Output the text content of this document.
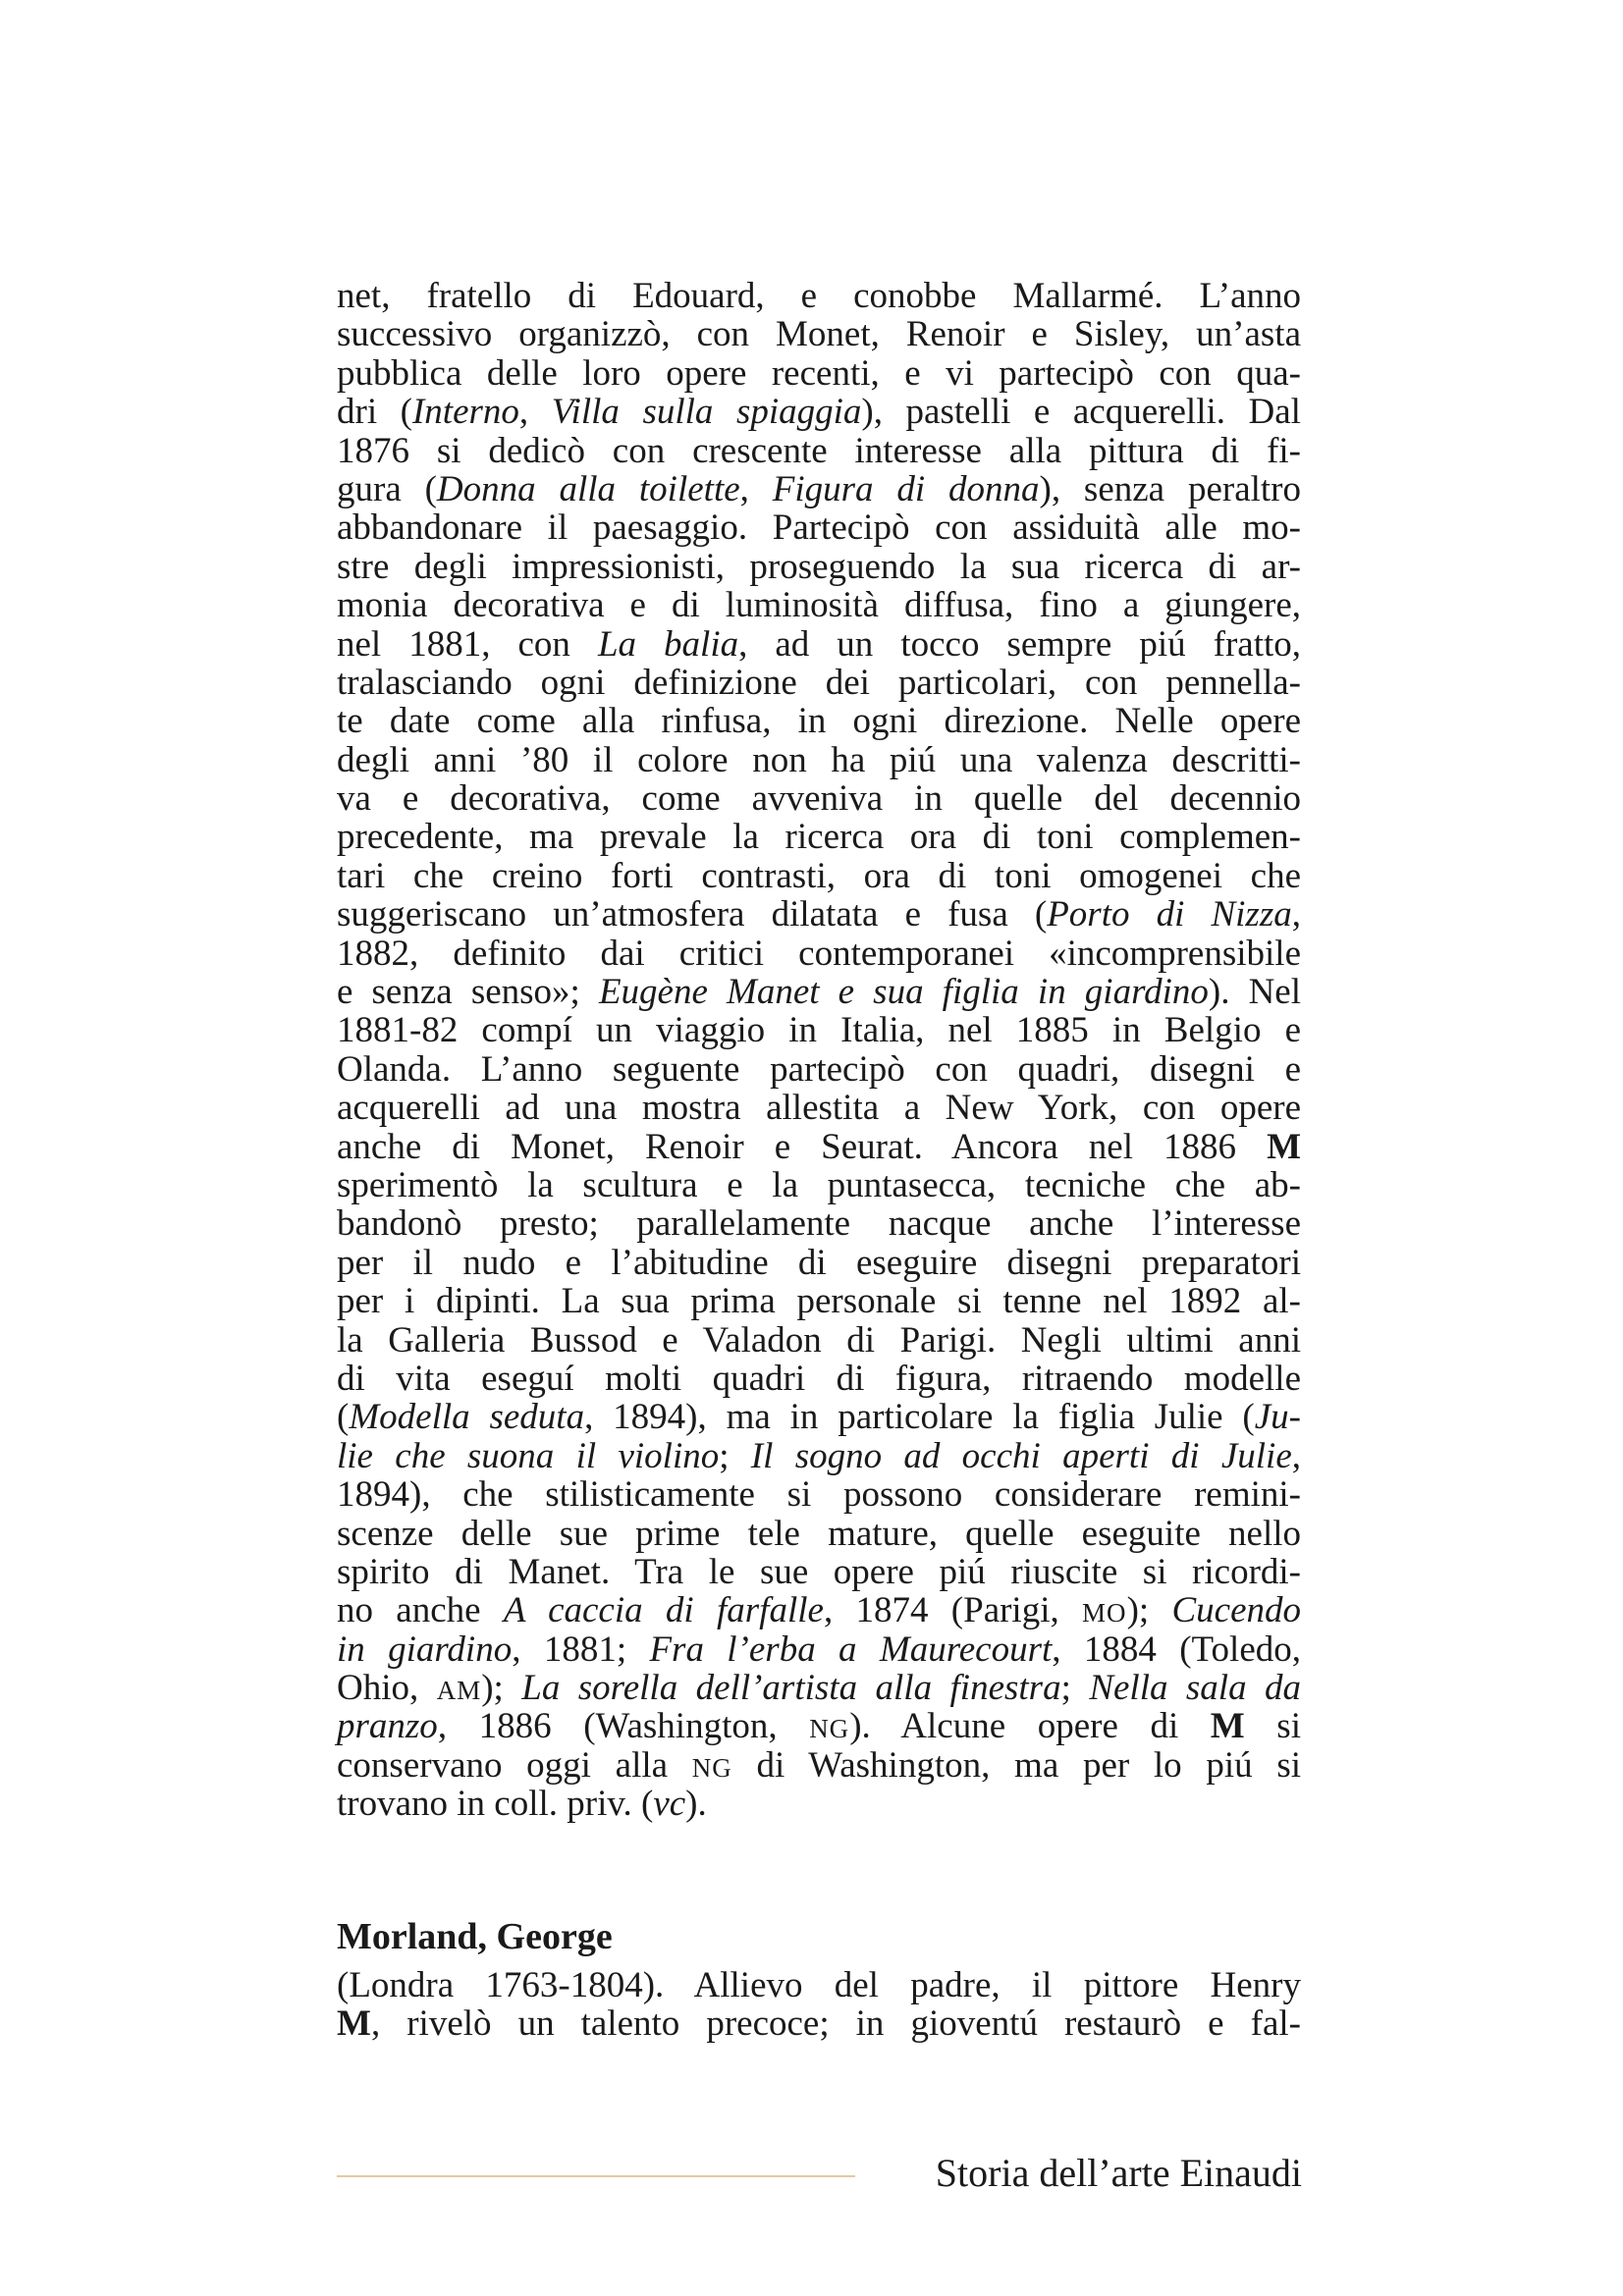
net, fratello di Edouard, e conobbe Mallarmé. L’anno
successivo organizzò, con Monet, Renoir e Sisley, un’asta
pubblica delle loro opere recenti, e vi partecipò con qua-
dri (Interno, Villa sulla spiaggia), pastelli e acquerelli. Dal
1876 si dedicò con crescente interesse alla pittura di fi-
gura (Donna alla toilette, Figura di donna), senza peraltro
abbandonare il paesaggio. Partecipò con assiduità alle mo-
stre degli impressionisti, proseguendo la sua ricerca di ar-
monia decorativa e di luminosità diffusa, fino a giungere,
nel 1881, con La balia, ad un tocco sempre piú fratto,
tralasciando ogni definizione dei particolari, con pennella-
te date come alla rinfusa, in ogni direzione. Nelle opere
degli anni ’80 il colore non ha piú una valenza descritti-
va e decorativa, come avveniva in quelle del decennio
precedente, ma prevale la ricerca ora di toni complemen-
tari che creino forti contrasti, ora di toni omogenei che
suggeriscano un’atmosfera dilatata e fusa (Porto di Nizza,
1882, definito dai critici contemporanei «incomprensibile
e senza senso»; Eugène Manet e sua figlia in giardino). Nel
1881-82 compí un viaggio in Italia, nel 1885 in Belgio e
Olanda. L’anno seguente partecipò con quadri, disegni e
acquerelli ad una mostra allestita a New York, con opere
anche di Monet, Renoir e Seurat. Ancora nel 1886 M
sperimentò la scultura e la puntasecca, tecniche che ab-
bandonò presto; parallelamente nacque anche l’interesse
per il nudo e l’abitudine di eseguire disegni preparatori
per i dipinti. La sua prima personale si tenne nel 1892 al-
la Galleria Bussod e Valadon di Parigi. Negli ultimi anni
di vita eseguí molti quadri di figura, ritraendo modelle
(Modella seduta, 1894), ma in particolare la figlia Julie (Ju-
lie che suona il violino; Il sogno ad occhi aperti di Julie,
1894), che stilisticamente si possono considerare remini-
scenze delle sue prime tele mature, quelle eseguite nello
spirito di Manet. Tra le sue opere piú riuscite si ricordi-
no anche A caccia di farfalle, 1874 (Parigi, MO); Cucendo
in giardino, 1881; Fra l’erba a Maurecourt, 1884 (Toledo,
Ohio, AM); La sorella dell’artista alla finestra; Nella sala da
pranzo, 1886 (Washington, NG). Alcune opere di M si
conservano oggi alla NG di Washington, ma per lo piú si
trovano in coll. priv. (vc).
Morland, George
(Londra 1763-1804). Allievo del padre, il pittore Henry
M, rivelò un talento precoce; in gioventú restaurò e fal-
Storia dell’arte Einaudi
